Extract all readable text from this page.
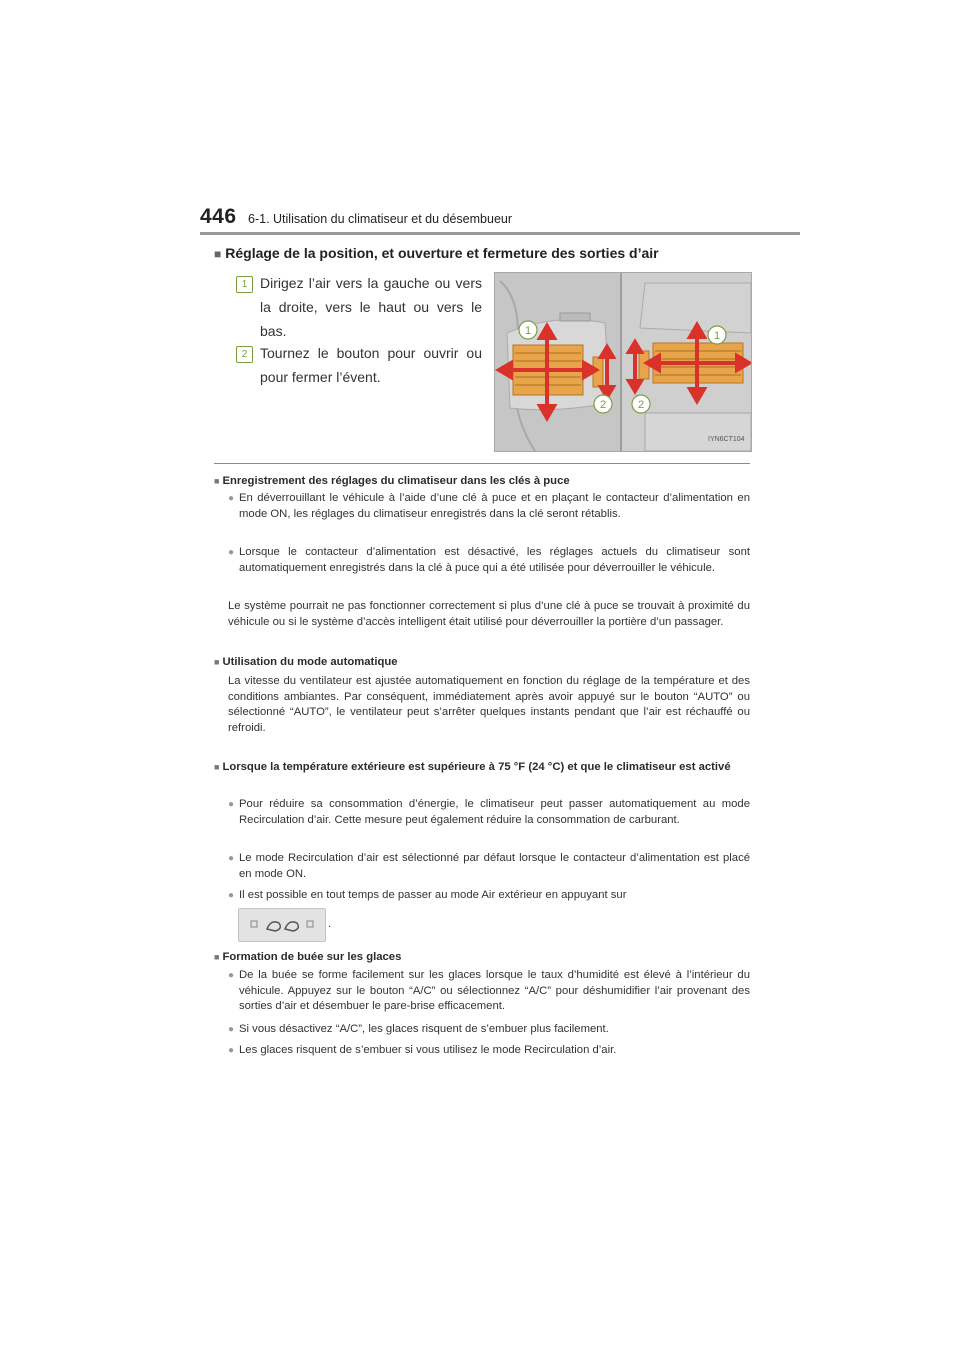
446 6-1. Utilisation du climatiseur et du désembueur
■ Réglage de la position, et ouverture et fermeture des sorties d’air
1 Dirigez l’air vers la gauche ou vers la droite, vers le haut ou vers le bas.
2 Tournez le bouton pour ouvrir ou pour fermer l’évent.
1	1
2	2
IYN6CT104
■ Enregistrement des réglages du climatiseur dans les clés à puce
● En déverrouillant le véhicule à l’aide d’une clé à puce et en plaçant le contacteur d’alimentation en mode ON, les réglages du climatiseur enregistrés dans la clé seront rétablis.
● Lorsque le contacteur d’alimentation est désactivé, les réglages actuels du climatiseur sont automatiquement enregistrés dans la clé à puce qui a été utilisée pour déverrouiller le véhicule.
Le système pourrait ne pas fonctionner correctement si plus d’une clé à puce se trouvait à proximité du véhicule ou si le système d’accès intelligent était utilisé pour déverrouiller la portière d’un passager.
■ Utilisation du mode automatique
La vitesse du ventilateur est ajustée automatiquement en fonction du réglage de la température et des conditions ambiantes. Par conséquent, immédiatement après avoir appuyé sur le bouton “AUTO” ou sélectionné “AUTO”, le ventilateur peut s’arrêter quelques instants pendant que l’air est réchauffé ou refroidi.
■ Lorsque la température extérieure est supérieure à 75 °F (24 °C) et que le climatiseur est activé
● Pour réduire sa consommation d’énergie, le climatiseur peut passer automatiquement au mode Recirculation d’air. Cette mesure peut également réduire la consommation de carburant.
● Le mode Recirculation d’air est sélectionné par défaut lorsque le contacteur d’alimentation est placé en mode ON.
● Il est possible en tout temps de passer au mode Air extérieur en appuyant sur
.
■ Formation de buée sur les glaces
● De la buée se forme facilement sur les glaces lorsque le taux d’humidité est élevé à l’intérieur du véhicule. Appuyez sur le bouton “A/C” ou sélectionnez “A/C” pour déshumidifier l’air provenant des sorties d’air et désembuer le pare-brise efficacement.
● Si vous désactivez “A/C”, les glaces risquent de s’embuer plus facilement.
● Les glaces risquent de s’embuer si vous utilisez le mode Recirculation d’air.
